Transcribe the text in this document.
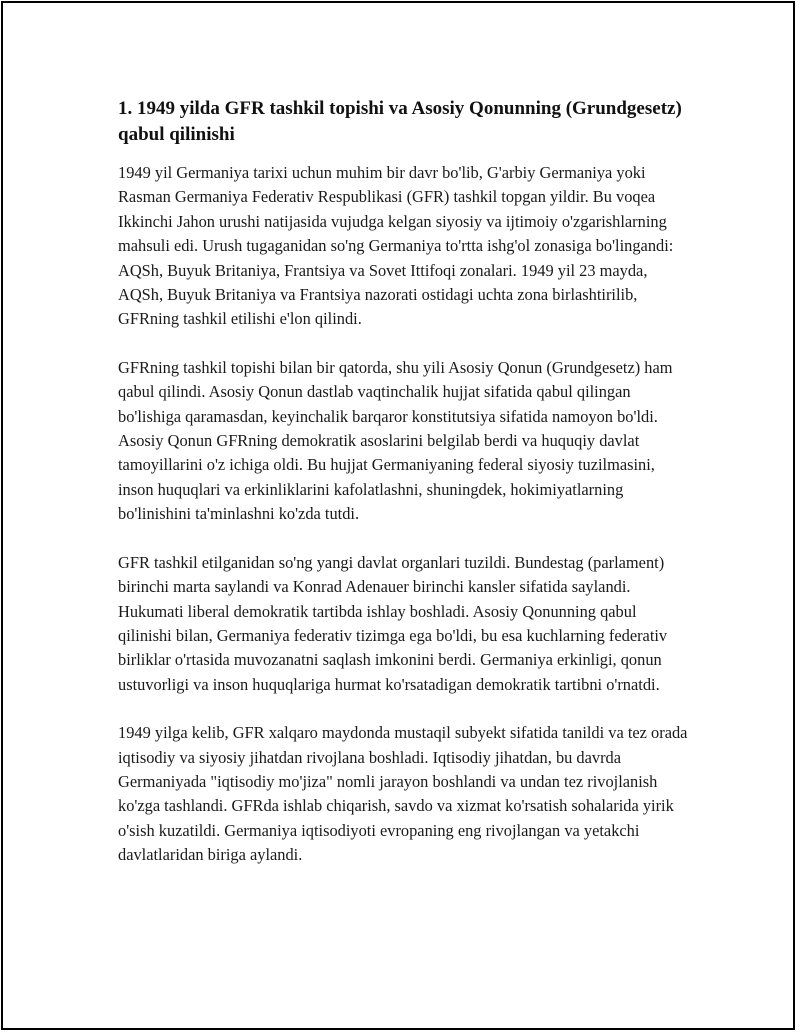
1. 1949 yilda GFR tashkil topishi va Asosiy Qonunning (Grundgesetz) qabul qilinishi

1949 yil Germaniya tarixi uchun muhim bir davr bo'lib, G'arbiy Germaniya yoki Rasman Germaniya Federativ Respublikasi (GFR) tashkil topgan yildir. Bu voqea Ikkinchi Jahon urushi natijasida vujudga kelgan siyosiy va ijtimoiy o'zgarishlarning mahsuli edi. Urush tugaganidan so'ng Germaniya to'rtta ishg'ol zonasiga bo'lingandi: AQSh, Buyuk Britaniya, Frantsiya va Sovet Ittifoqi zonalari. 1949 yil 23 mayda, AQSh, Buyuk Britaniya va Frantsiya nazorati ostidagi uchta zona birlashtirilib, GFRning tashkil etilishi e'lon qilindi.

GFRning tashkil topishi bilan bir qatorda, shu yili Asosiy Qonun (Grundgesetz) ham qabul qilindi. Asosiy Qonun dastlab vaqtinchalik hujjat sifatida qabul qilingan bo'lishiga qaramasdan, keyinchalik barqaror konstitutsiya sifatida namoyon bo'ldi. Asosiy Qonun GFRning demokratik asoslarini belgilab berdi va huquqiy davlat tamoyillarini o'z ichiga oldi. Bu hujjat Germaniyaning federal siyosiy tuzilmasini, inson huquqlari va erkinliklarini kafolatlashni, shuningdek, hokimiyatlarning bo'linishini ta'minlashni ko'zda tutdi.

GFR tashkil etilganidan so'ng yangi davlat organlari tuzildi. Bundestag (parlament) birinchi marta saylandi va Konrad Adenauer birinchi kansler sifatida saylandi. Hukumati liberal demokratik tartibda ishlay boshladi. Asosiy Qonunning qabul qilinishi bilan, Germaniya federativ tizimga ega bo'ldi, bu esa kuchlarning federativ birliklar o'rtasida muvozanatni saqlash imkonini berdi. Germaniya erkinligi, qonun ustuvorligi va inson huquqlariga hurmat ko'rsatadigan demokratik tartibni o'rnatdi.

1949 yilga kelib, GFR xalqaro maydonda mustaqil subyekt sifatida tanildi va tez orada iqtisodiy va siyosiy jihatdan rivojlana boshladi. Iqtisodiy jihatdan, bu davrda Germaniyada "iqtisodiy mo'jiza" nomli jarayon boshlandi va undan tez rivojlanish ko'zga tashlandi. GFRda ishlab chiqarish, savdo va xizmat ko'rsatish sohalarida yirik o'sish kuzatildi. Germaniya iqtisodiyoti evropaning eng rivojlangan va yetakchi davlatlaridan biriga aylandi.
